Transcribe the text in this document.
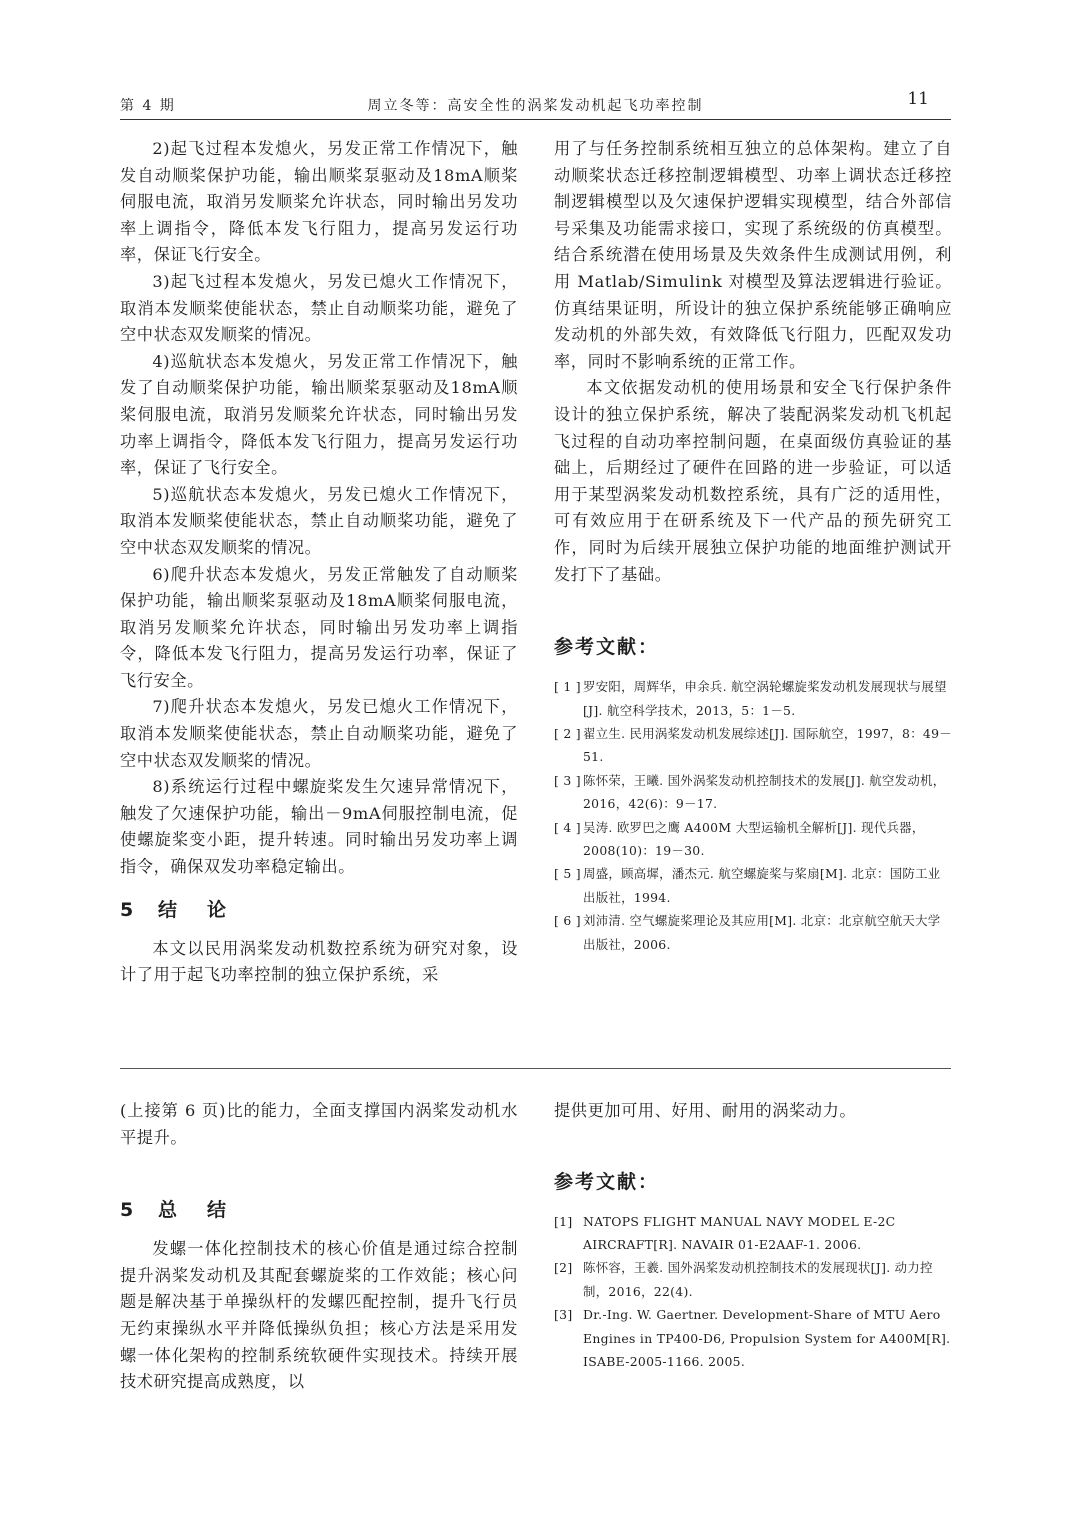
第 4 期	周立冬等：高安全性的涡桨发动机起飞功率控制	11

2)起飞过程本发熄火，另发正常工作情况下，触发自动顺桨保护功能，输出顺桨泵驱动及18mA顺桨伺服电流，取消另发顺桨允许状态，同时输出另发功率上调指令，降低本发飞行阻力，提高另发运行功率，保证飞行安全。

3)起飞过程本发熄火，另发已熄火工作情况下，取消本发顺桨使能状态，禁止自动顺桨功能，避免了空中状态双发顺桨的情况。

4)巡航状态本发熄火，另发正常工作情况下，触发了自动顺桨保护功能，输出顺桨泵驱动及18mA顺桨伺服电流，取消另发顺桨允许状态，同时输出另发功率上调指令，降低本发飞行阻力，提高另发运行功率，保证了飞行安全。

5)巡航状态本发熄火，另发已熄火工作情况下，取消本发顺桨使能状态，禁止自动顺桨功能，避免了空中状态双发顺桨的情况。

6)爬升状态本发熄火，另发正常触发了自动顺桨保护功能，输出顺桨泵驱动及18mA顺桨伺服电流，取消另发顺桨允许状态，同时输出另发功率上调指令，降低本发飞行阻力，提高另发运行功率，保证了飞行安全。

7)爬升状态本发熄火，另发已熄火工作情况下，取消本发顺桨使能状态，禁止自动顺桨功能，避免了空中状态双发顺桨的情况。

8)系统运行过程中螺旋桨发生欠速异常情况下，触发了欠速保护功能，输出－9mA伺服控制电流，促使螺旋桨变小距，提升转速。同时输出另发功率上调指令，确保双发功率稳定输出。

5 结论

本文以民用涡桨发动机数控系统为研究对象，设计了用于起飞功率控制的独立保护系统，采

用了与任务控制系统相互独立的总体架构。建立了自动顺桨状态迁移控制逻辑模型、功率上调状态迁移控制逻辑模型以及欠速保护逻辑实现模型，结合外部信号采集及功能需求接口，实现了系统级的仿真模型。结合系统潜在使用场景及失效条件生成测试用例，利用 Matlab/Simulink 对模型及算法逻辑进行验证。仿真结果证明，所设计的独立保护系统能够正确响应发动机的外部失效，有效降低飞行阻力，匹配双发功率，同时不影响系统的正常工作。

本文依据发动机的使用场景和安全飞行保护条件设计的独立保护系统，解决了装配涡桨发动机飞机起飞过程的自动功率控制问题，在桌面级仿真验证的基础上，后期经过了硬件在回路的进一步验证，可以适用于某型涡桨发动机数控系统，具有广泛的适用性，可有效应用于在研系统及下一代产品的预先研究工作，同时为后续开展独立保护功能的地面维护测试开发打下了基础。

参考文献：
[ 1 ] 罗安阳，周辉华，申余兵. 航空涡轮螺旋桨发动机发展现状与展望[J]. 航空科学技术，2013，5：1－5.
[ 2 ] 翟立生. 民用涡桨发动机发展综述[J]. 国际航空，1997，8：49－51.
[ 3 ] 陈怀荣，王曦. 国外涡桨发动机控制技术的发展[J]. 航空发动机，2016，42(6)：9－17.
[ 4 ] 吴涛. 欧罗巴之鹰 A400M 大型运输机全解析[J]. 现代兵器，2008(10)：19－30.
[ 5 ] 周盛，顾高墀，潘杰元. 航空螺旋桨与桨扇[M]. 北京：国防工业出版社，1994.
[ 6 ] 刘沛清. 空气螺旋桨理论及其应用[M]. 北京：北京航空航天大学出版社，2006.

(上接第 6 页)比的能力，全面支撑国内涡桨发动机水平提升。

5 总结

发螺一体化控制技术的核心价值是通过综合控制提升涡桨发动机及其配套螺旋桨的工作效能；核心问题是解决基于单操纵杆的发螺匹配控制，提升飞行员无约束操纵水平并降低操纵负担；核心方法是采用发螺一体化架构的控制系统软硬件实现技术。持续开展技术研究提高成熟度，以

提供更加可用、好用、耐用的涡桨动力。

参考文献：
[1] NATOPS FLIGHT MANUAL NAVY MODEL E-2C AIRCRAFT[R]. NAVAIR 01-E2AAF-1. 2006.
[2] 陈怀容，王羲. 国外涡桨发动机控制技术的发展现状[J]. 动力控制，2016，22(4).
[3] Dr.-Ing. W. Gaertner. Development-Share of MTU Aero Engines in TP400-D6, Propulsion System for A400M[R]. ISABE-2005-1166. 2005.
